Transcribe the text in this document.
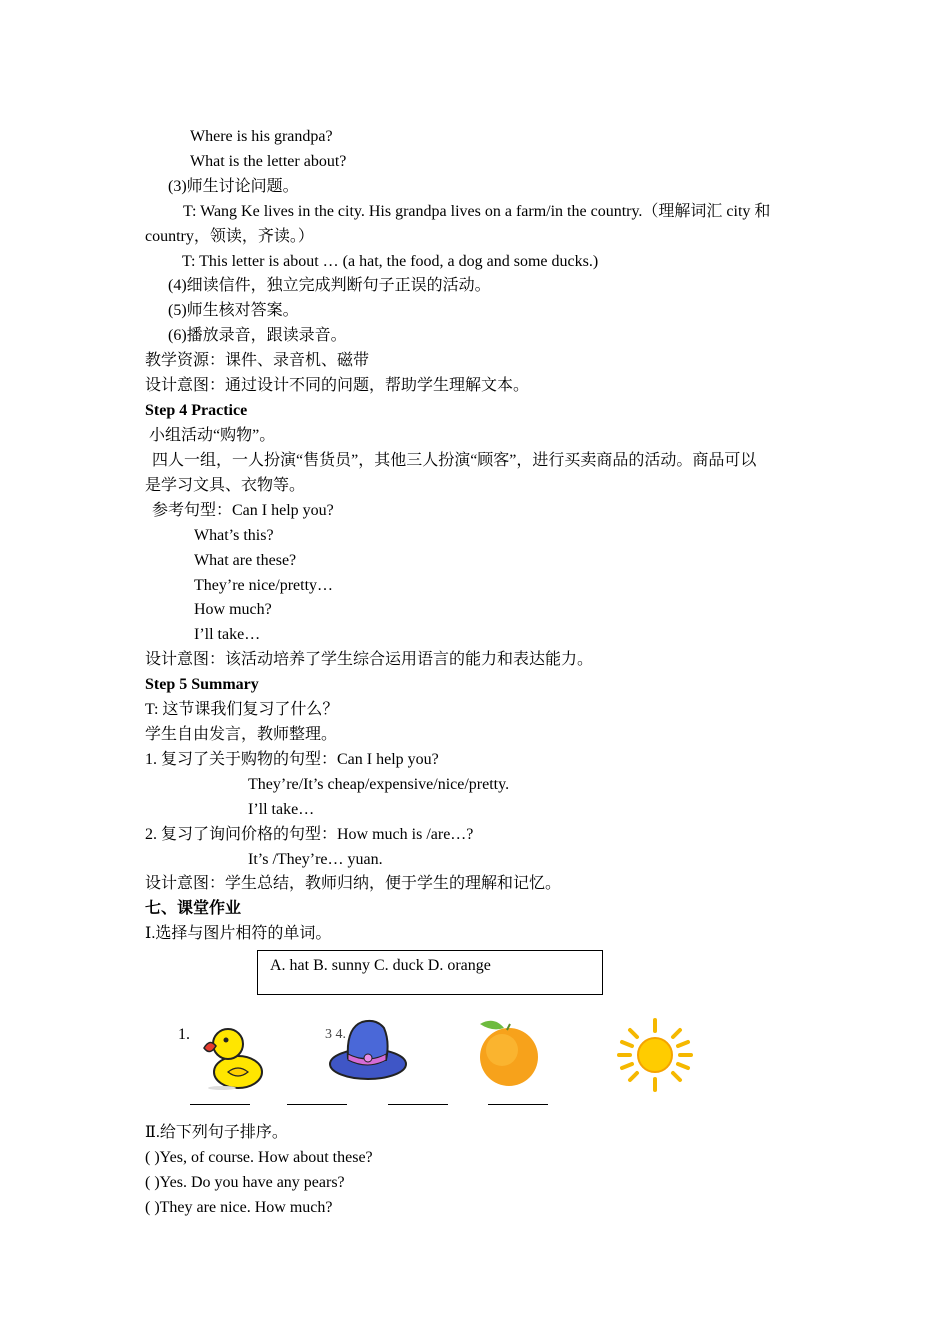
Where is his grandpa?
What is the letter about?
(3)师生讨论问题。
T: Wang Ke lives in the city. His grandpa lives on a farm/in the country.（理解词汇 city 和
country，领读，齐读。）
T: This letter is about … (a hat, the food, a dog and some ducks.)
(4)细读信件，独立完成判断句子正误的活动。
(5)师生核对答案。
(6)播放录音，跟读录音。
教学资源：课件、录音机、磁带
设计意图：通过设计不同的问题，帮助学生理解文本。
Step 4 Practice
小组活动“购物”。
四人一组，一人扮演“售货员”，其他三人扮演“顾客”，进行买卖商品的活动。商品可以
是学习文具、衣物等。
参考句型：Can I help you?
What’s this?
What are these?
They’re nice/pretty…
How much?
I’ll take…
设计意图：该活动培养了学生综合运用语言的能力和表达能力。
Step 5 Summary
T: 这节课我们复习了什么？
学生自由发言，教师整理。
1. 复习了关于购物的句型：Can I help you?
They’re/It’s cheap/expensive/nice/pretty.
I’ll take…
2. 复习了询问价格的句型：How much is /are…?
It’s /They’re… yuan.
设计意图：学生总结，教师归纳，便于学生的理解和记忆。
七、课堂作业
Ⅰ.选择与图片相符的单词。
A. hat B. sunny C. duck D. orange
1.	3 4.
Ⅱ.给下列句子排序。
( )Yes, of course. How about these?
( )Yes. Do you have any pears?
( )They are nice. How much?
